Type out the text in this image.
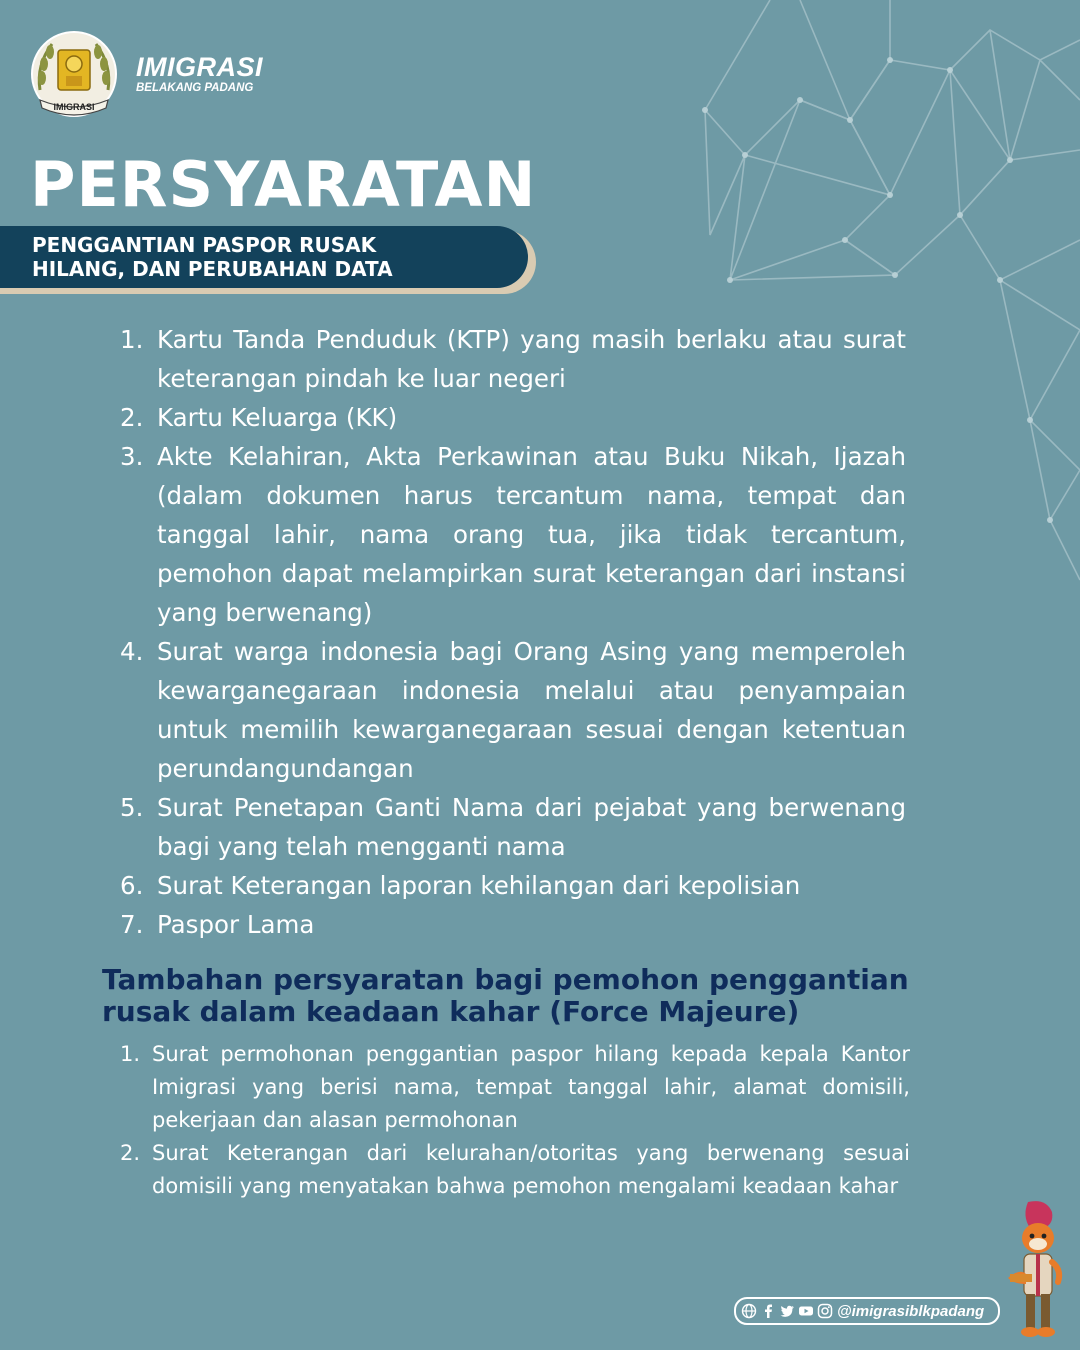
IMIGRASI
IMIGRASI
BELAKANG PADANG
PERSYARATAN
PENGGANTIAN PASPOR RUSAK
HILANG, DAN PERUBAHAN DATA
1. Kartu Tanda Penduduk (KTP) yang masih berlaku atau surat keterangan pindah ke luar negeri
2. Kartu Keluarga (KK)
3. Akte Kelahiran, Akta Perkawinan atau Buku Nikah, Ijazah (dalam dokumen harus tercantum nama, tempat dan tanggal lahir, nama orang tua, jika tidak tercantum, pemohon dapat melampirkan surat keterangan dari instansi yang berwenang)
4. Surat warga indonesia bagi Orang Asing yang memperoleh kewarganegaraan indonesia melalui atau penyampaian untuk memilih kewarganegaraan sesuai dengan ketentuan perundangundangan
5. Surat Penetapan Ganti Nama dari pejabat yang berwenang bagi yang telah mengganti nama
6. Surat Keterangan laporan kehilangan dari kepolisian
7. Paspor Lama
Tambahan persyaratan bagi pemohon penggantian rusak dalam keadaan kahar (Force Majeure)
1. Surat permohonan penggantian paspor hilang kepada kepala Kantor Imigrasi yang berisi nama, tempat tanggal lahir, alamat domisili, pekerjaan dan alasan permohonan
2. Surat Keterangan dari kelurahan/otoritas yang berwenang sesuai domisili yang menyatakan bahwa pemohon mengalami keadaan kahar
@imigrasiblkpadang
